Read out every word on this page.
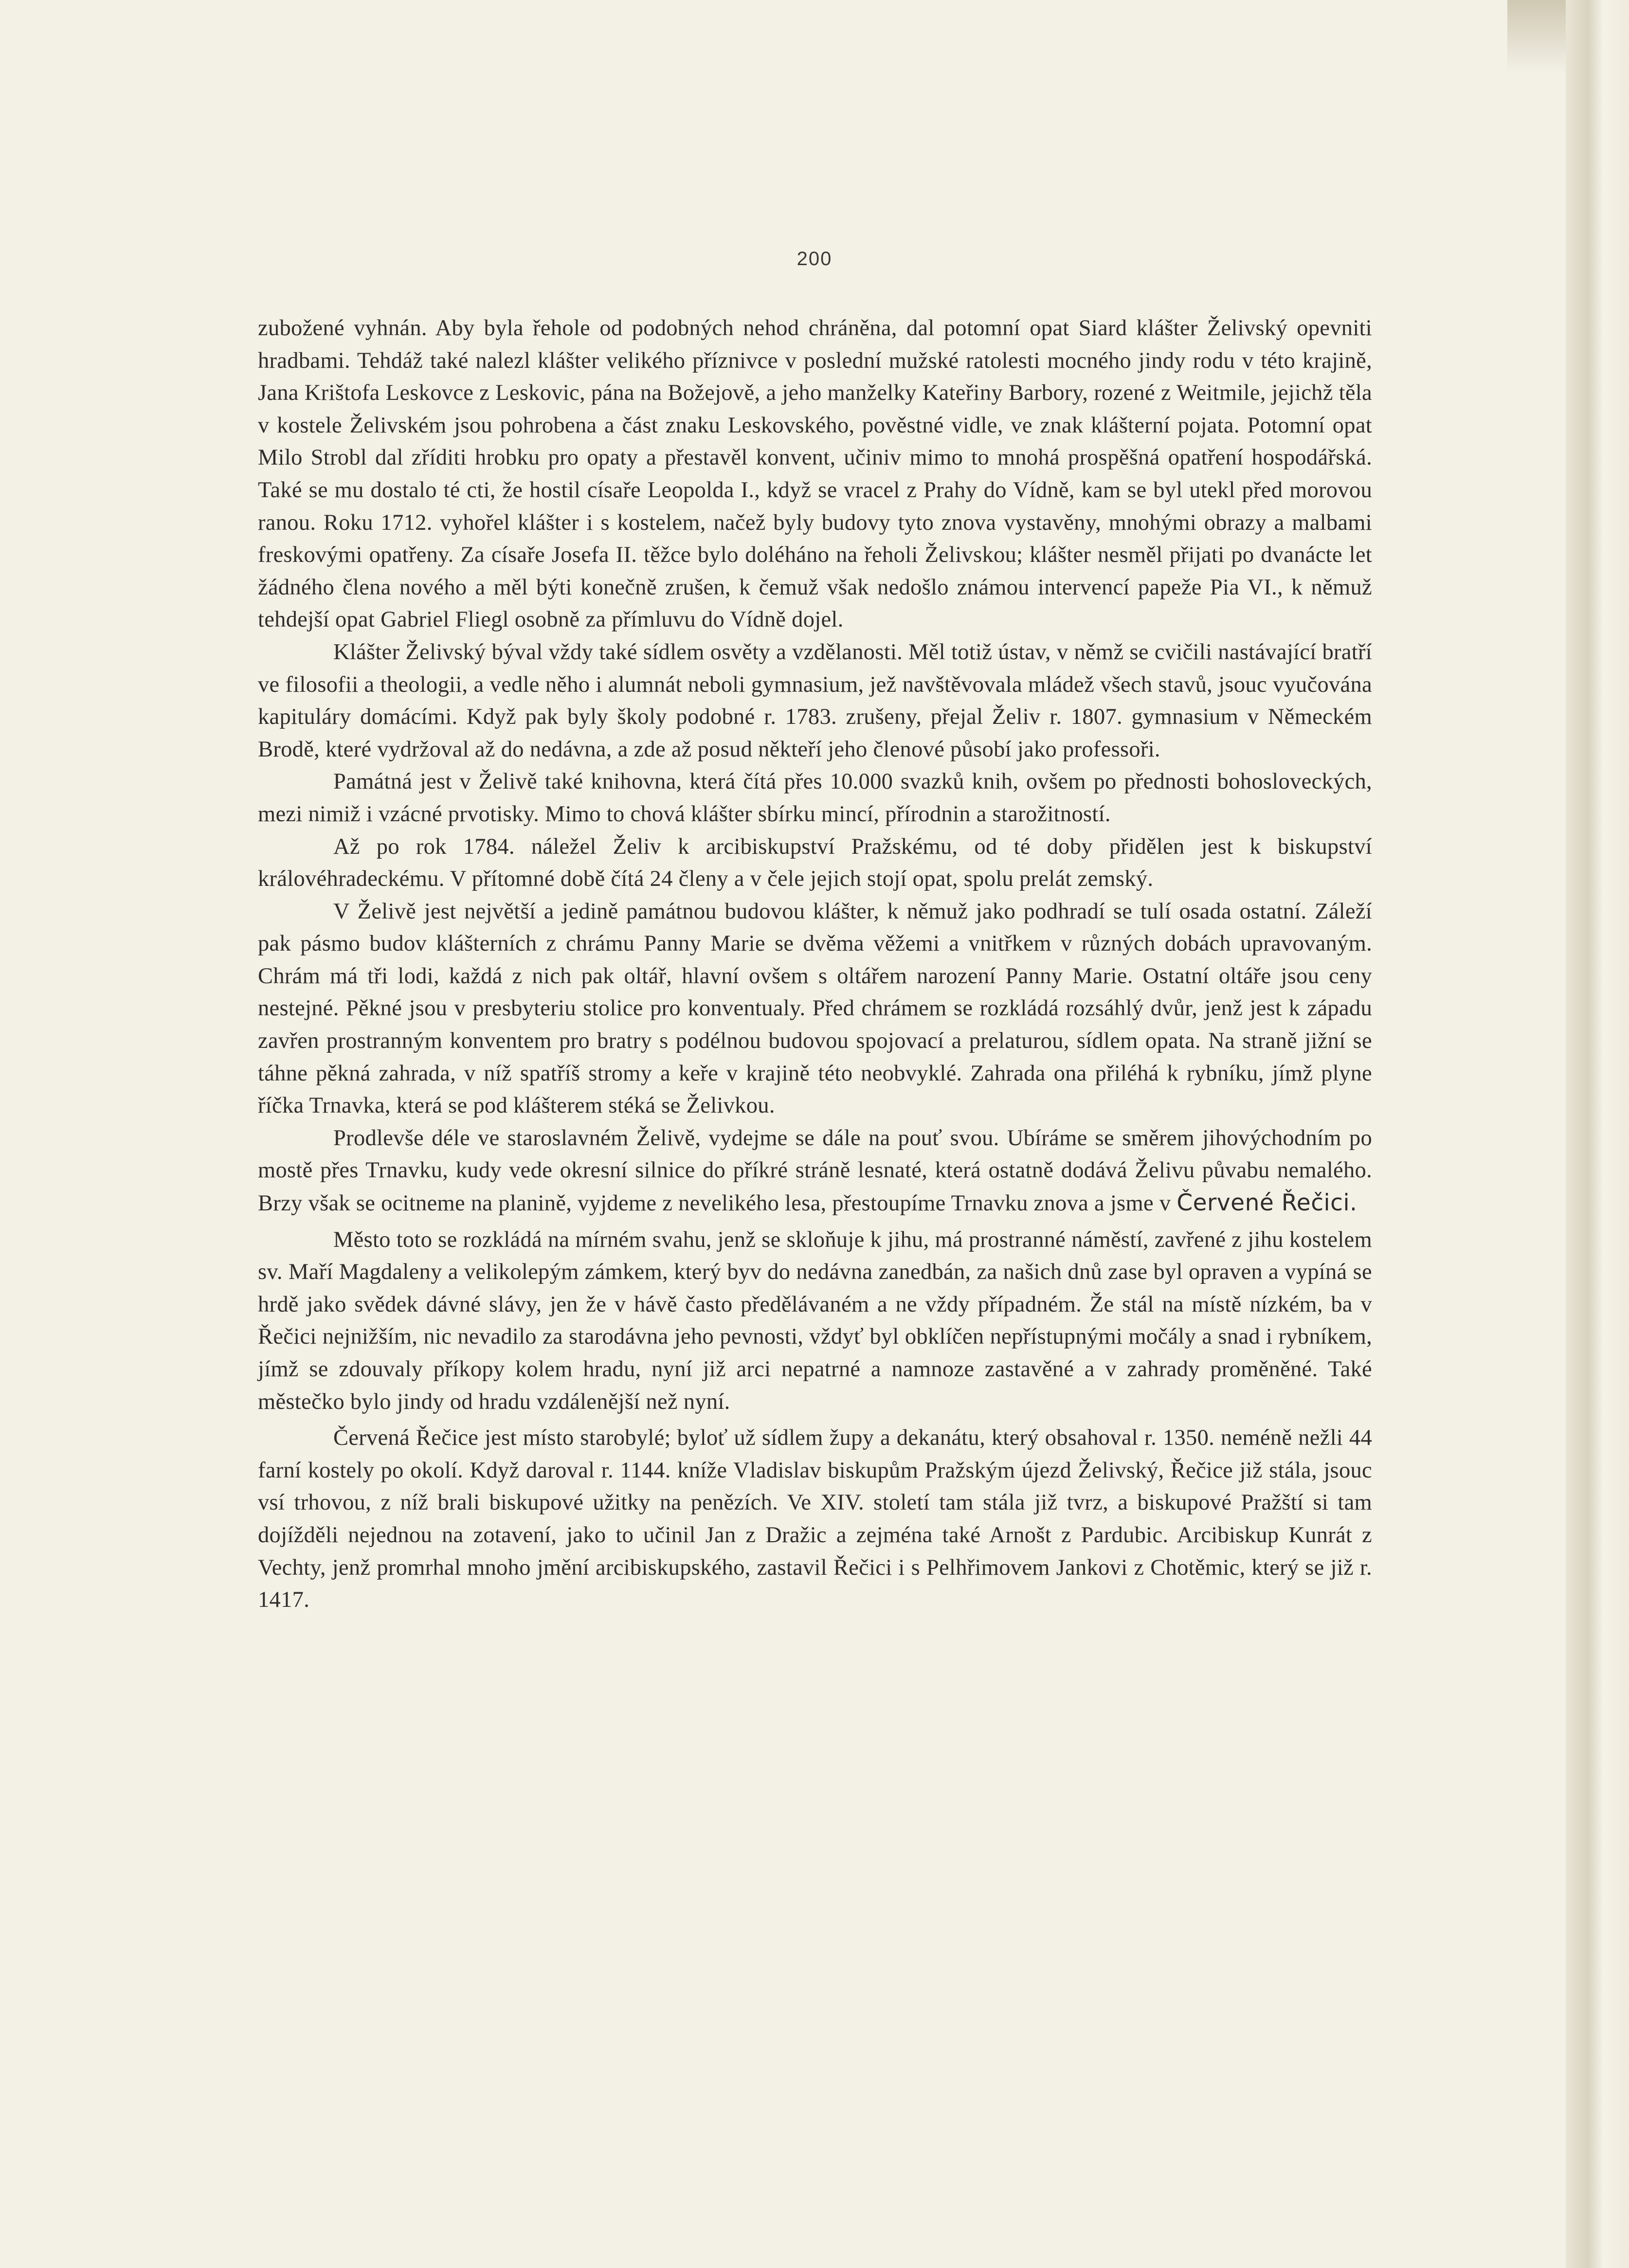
200

zubožené vyhnán. Aby byla řehole od podobných nehod chráněna, dal potomní opat Siard klášter Želivský opevniti hradbami. Tehdáž také nalezl klášter velikého příznivce v poslední mužské ratolesti mocného jindy rodu v této krajině, Jana Krištofa Leskovce z Leskovic, pána na Božejově, a jeho manželky Kateřiny Barbory, rozené z Weitmile, jejichž těla v kostele Želivském jsou pohrobena a část znaku Leskovského, pověstné vidle, ve znak klášterní pojata. Potomní opat Milo Strobl dal zříditi hrobku pro opaty a přestavěl konvent, učiniv mimo to mnohá prospěšná opatření hospodářská. Také se mu dostalo té cti, že hostil císaře Leopolda I., když se vracel z Prahy do Vídně, kam se byl utekl před morovou ranou. Roku 1712. vyhořel klášter i s kostelem, načež byly budovy tyto znova vystavěny, mnohými obrazy a malbami freskovými opatřeny. Za císaře Josefa II. těžce bylo doléháno na řeholi Želivskou; klášter nesměl přijati po dvanácte let žádného člena nového a měl býti konečně zrušen, k čemuž však nedošlo známou intervencí papeže Pia VI., k němuž tehdejší opat Gabriel Fliegl osobně za přímluvu do Vídně dojel.

Klášter Želivský býval vždy také sídlem osvěty a vzdělanosti. Měl totiž ústav, v němž se cvičili nastávající bratří ve filosofii a theologii, a vedle něho i alumnát neboli gymnasium, jež navštěvovala mládež všech stavů, jsouc vyučována kapituláry domácími. Když pak byly školy podobné r. 1783. zrušeny, přejal Želiv r. 1807. gymnasium v Německém Brodě, které vydržoval až do nedávna, a zde až posud někteří jeho členové působí jako professoři.

Památná jest v Želivě také knihovna, která čítá přes 10.000 svazků knih, ovšem po přednosti bohosloveckých, mezi nimiž i vzácné prvotisky. Mimo to chová klášter sbírku mincí, přírodnin a starožitností.

Až po rok 1784. náležel Želiv k arcibiskupství Pražskému, od té doby přidělen jest k biskupství královéhradeckému. V přítomné době čítá 24 členy a v čele jejich stojí opat, spolu prelát zemský.

V Želivě jest největší a jedině památnou budovou klášter, k němuž jako podhradí se tulí osada ostatní. Záleží pak pásmo budov klášterních z chrámu Panny Marie se dvěma věžemi a vnitřkem v různých dobách upravovaným. Chrám má tři lodi, každá z nich pak oltář, hlavní ovšem s oltářem narození Panny Marie. Ostatní oltáře jsou ceny nestejné. Pěkné jsou v presbyteriu stolice pro konventualy. Před chrámem se rozkládá rozsáhlý dvůr, jenž jest k západu zavřen prostranným konventem pro bratry s podélnou budovou spojovací a prelaturou, sídlem opata. Na straně jižní se táhne pěkná zahrada, v níž spatříš stromy a keře v krajině této neobvyklé. Zahrada ona přiléhá k rybníku, jímž plyne říčka Trnavka, která se pod klášterem stéká se Želivkou.

Prodlevše déle ve staroslavném Želivě, vydejme se dále na pouť svou. Ubíráme se směrem jihovýchodním po mostě přes Trnavku, kudy vede okresní silnice do příkré stráně lesnaté, která ostatně dodává Želivu půvabu nemalého. Brzy však se ocitneme na planině, vyjdeme z nevelikého lesa, přestoupíme Trnavku znova a jsme v Červené Řečici.

Město toto se rozkládá na mírném svahu, jenž se skloňuje k jihu, má prostranné náměstí, zavřené z jihu kostelem sv. Maří Magdaleny a velikolepým zámkem, který byv do nedávna zanedbán, za našich dnů zase byl opraven a vypíná se hrdě jako svědek dávné slávy, jen že v hávě často předělávaném a ne vždy případném. Že stál na místě nízkém, ba v Řečici nejnižším, nic nevadilo za starodávna jeho pevnosti, vždyť byl obklíčen nepřístupnými močály a snad i rybníkem, jímž se zdouvaly příkopy kolem hradu, nyní již arci nepatrné a namnoze zastavěné a v zahrady proměněné. Také městečko bylo jindy od hradu vzdálenější než nyní.

Červená Řečice jest místo starobylé; byloť už sídlem župy a dekanátu, který obsahoval r. 1350. neméně nežli 44 farní kostely po okolí. Když daroval r. 1144. kníže Vladislav biskupům Pražským újezd Želivský, Řečice již stála, jsouc vsí trhovou, z níž brali biskupové užitky na penězích. Ve XIV. století tam stála již tvrz, a biskupové Pražští si tam dojížděli nejednou na zotavení, jako to učinil Jan z Dražic a zejména také Arnošt z Pardubic. Arcibiskup Kunrát z Vechty, jenž promrhal mnoho jmění arcibiskupského, zastavil Řečici i s Pelhřimovem Jankovi z Chotěmic, který se již r. 1417.
